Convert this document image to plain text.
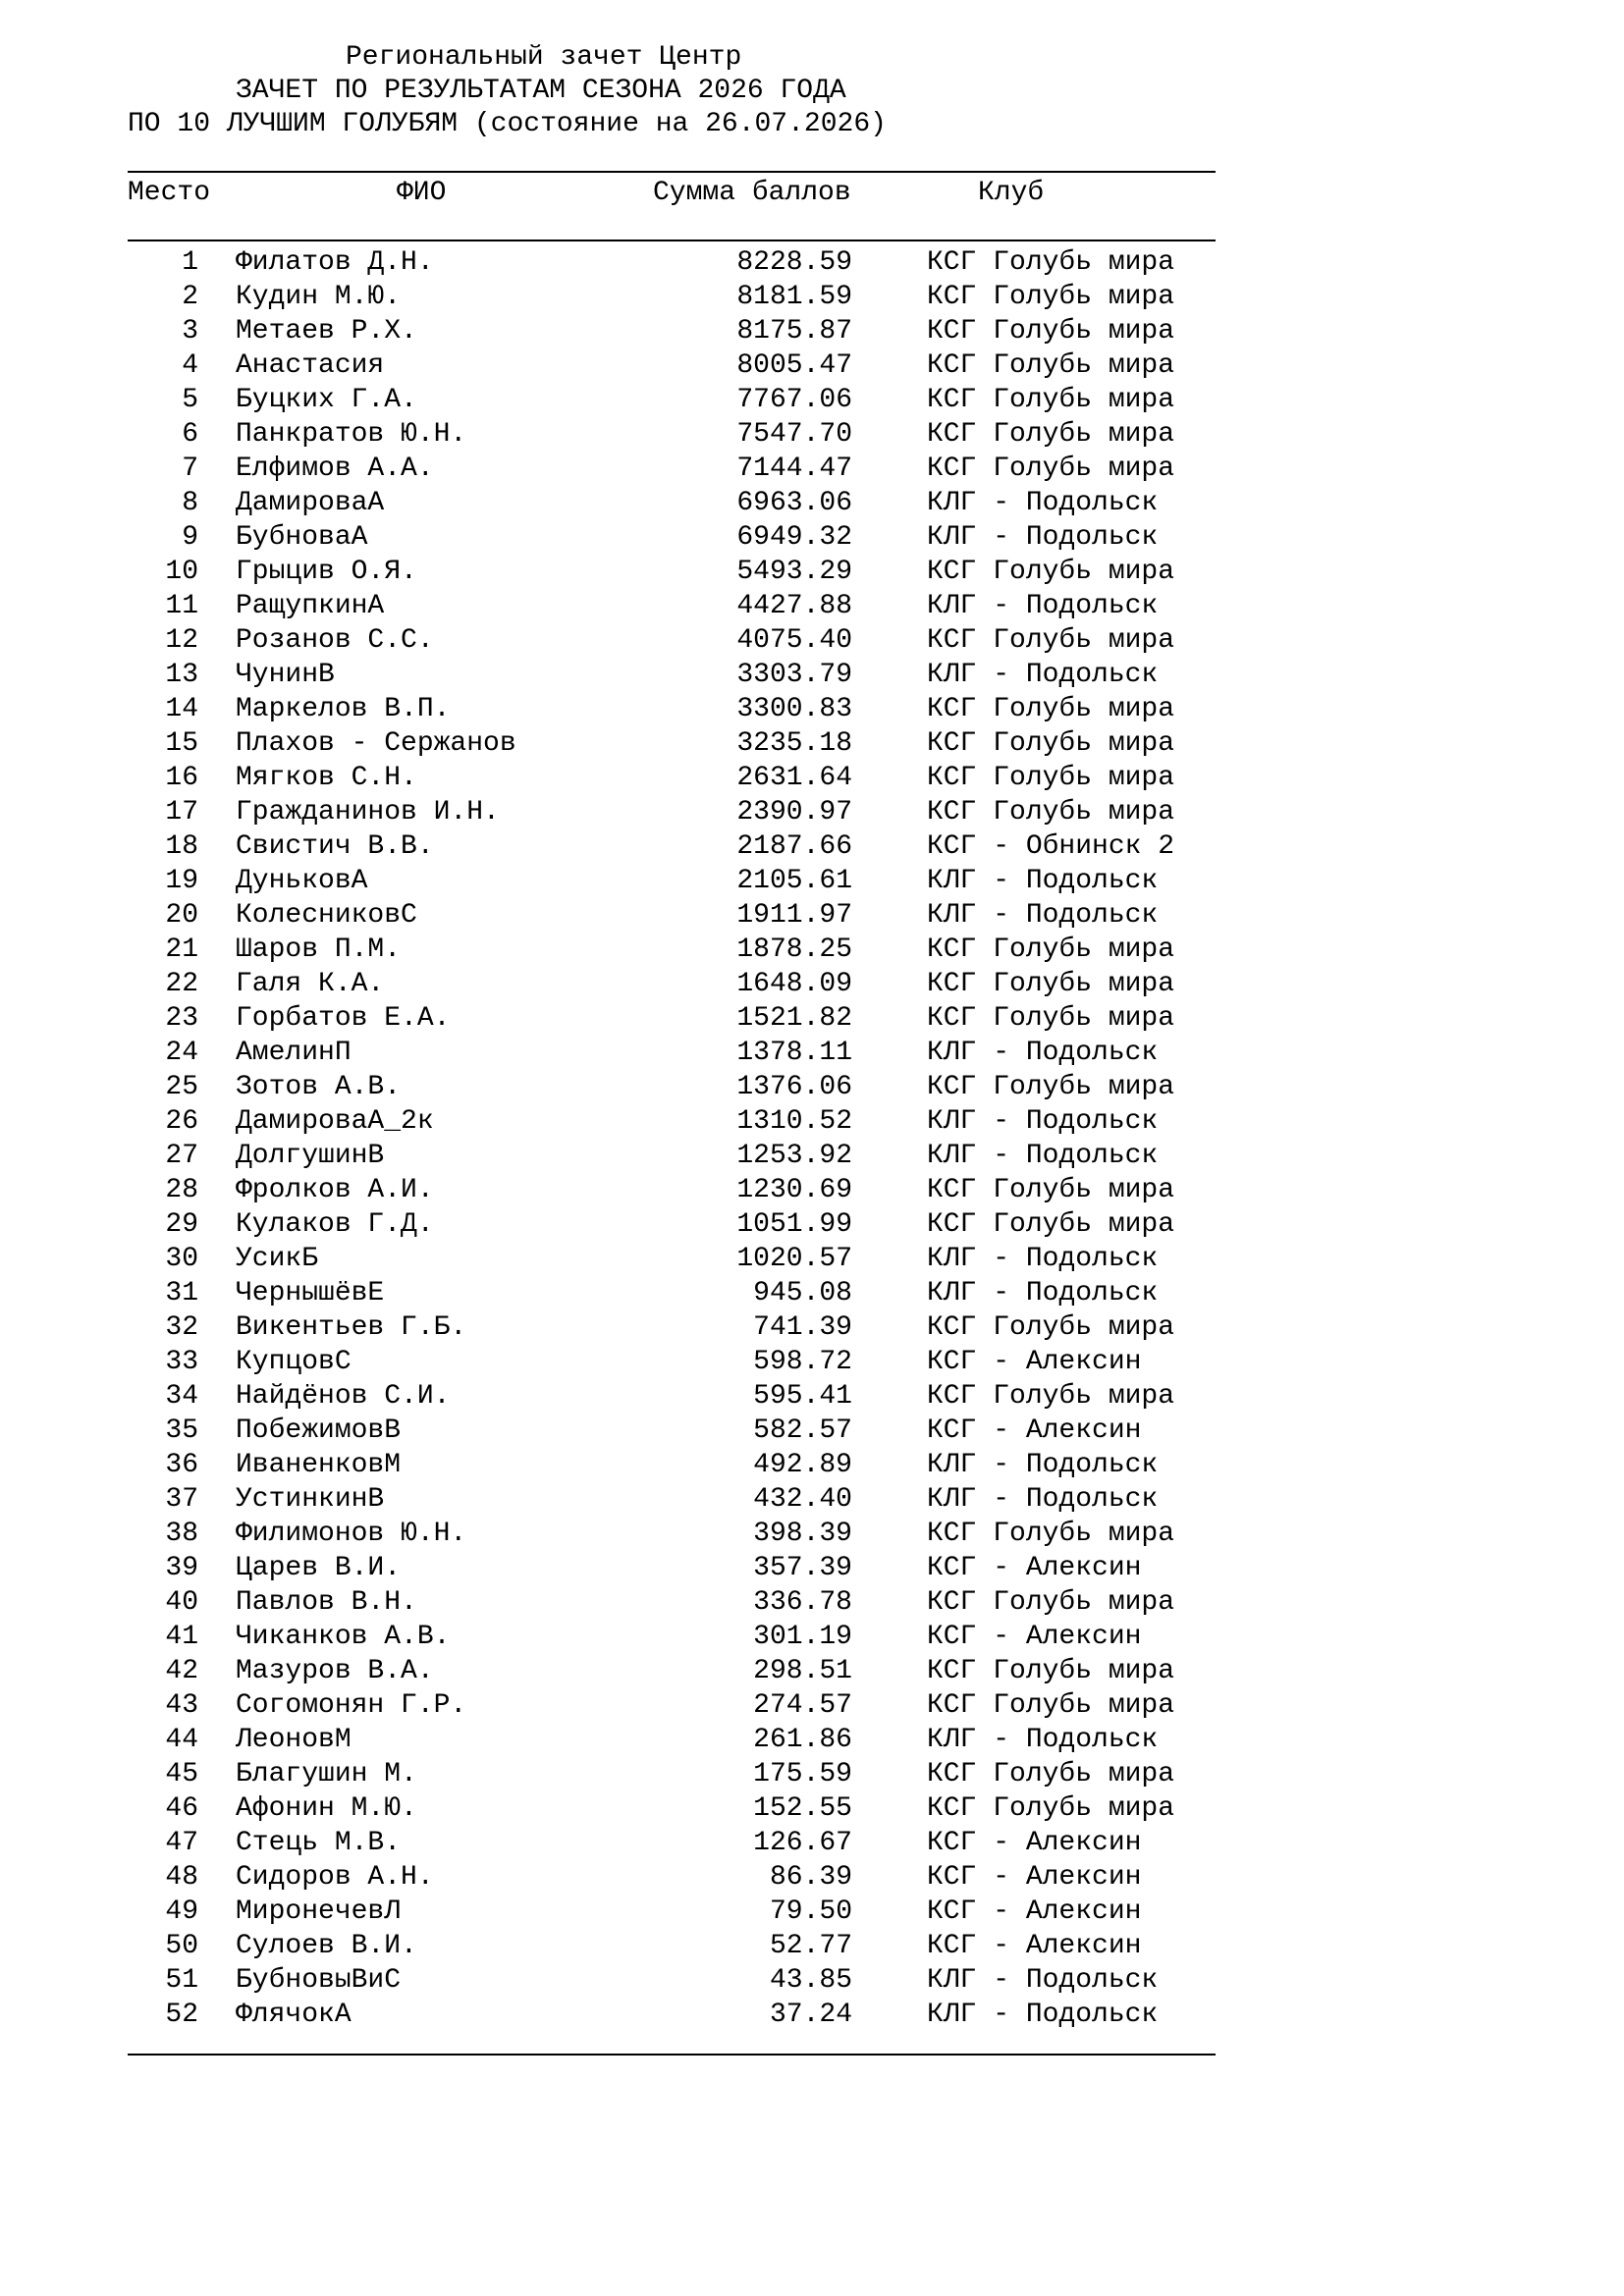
Региональный зачет Центр
ЗАЧЕТ ПО РЕЗУЛЬТАТАМ СЕЗОНА 2026 ГОДА
ПО 10 ЛУЧШИМ ГОЛУБЯМ (состояние на 26.07.2026)
Место	ФИО	Сумма баллов	Клуб
1 Филатов Д.Н.	8228.59	КСГ Голубь мира
2 Кудин М.Ю.	8181.59	КСГ Голубь мира
3 Метаев Р.Х.	8175.87	КСГ Голубь мира
4 Анастасия	8005.47	КСГ Голубь мира
5 Буцких Г.А.	7767.06	КСГ Голубь мира
6 Панкратов Ю.Н.	7547.70	КСГ Голубь мира
7 Елфимов А.А.	7144.47	КСГ Голубь мира
8 ДамироваА	6963.06	КЛГ - Подольск
9 БубноваА	6949.32	КЛГ - Подольск
10 Грыцив О.Я.	5493.29	КСГ Голубь мира
11 РащупкинА	4427.88	КЛГ - Подольск
12 Розанов С.С.	4075.40	КСГ Голубь мира
13 ЧунинВ	3303.79	КЛГ - Подольск
14 Маркелов В.П.	3300.83	КСГ Голубь мира
15 Плахов - Сержанов	3235.18	КСГ Голубь мира
16 Мягков С.Н.	2631.64	КСГ Голубь мира
17 Гражданинов И.Н.	2390.97	КСГ Голубь мира
18 Свистич В.В.	2187.66	КСГ - Обнинск 2
19 ДуньковА	2105.61	КЛГ - Подольск
20 КолесниковС	1911.97	КЛГ - Подольск
21 Шаров П.М.	1878.25	КСГ Голубь мира
22 Галя К.А.	1648.09	КСГ Голубь мира
23 Горбатов Е.А.	1521.82	КСГ Голубь мира
24 АмелинП	1378.11	КЛГ - Подольск
25 Зотов А.В.	1376.06	КСГ Голубь мира
26 ДамироваА_2к	1310.52	КЛГ - Подольск
27 ДолгушинВ	1253.92	КЛГ - Подольск
28 Фролков А.И.	1230.69	КСГ Голубь мира
29 Кулаков Г.Д.	1051.99	КСГ Голубь мира
30 УсикБ	1020.57	КЛГ - Подольск
31 ЧернышёвЕ	945.08	КЛГ - Подольск
32 Викентьев Г.Б.	741.39	КСГ Голубь мира
33 КупцовС	598.72	КСГ - Алексин
34 Найдёнов С.И.	595.41	КСГ Голубь мира
35 ПобежимовВ	582.57	КСГ - Алексин
36 ИваненковМ	492.89	КЛГ - Подольск
37 УстинкинВ	432.40	КЛГ - Подольск
38 Филимонов Ю.Н.	398.39	КСГ Голубь мира
39 Царев В.И.	357.39	КСГ - Алексин
40 Павлов В.Н.	336.78	КСГ Голубь мира
41 Чиканков А.В.	301.19	КСГ - Алексин
42 Мазуров В.А.	298.51	КСГ Голубь мира
43 Согомонян Г.Р.	274.57	КСГ Голубь мира
44 ЛеоновМ	261.86	КЛГ - Подольск
45 Благушин М.	175.59	КСГ Голубь мира
46 Афонин М.Ю.	152.55	КСГ Голубь мира
47 Стець М.В.	126.67	КСГ - Алексин
48 Сидоров А.Н.	86.39	КСГ - Алексин
49 МиронечевЛ	79.50	КСГ - Алексин
50 Сулоев В.И.	52.77	КСГ - Алексин
51 БубновыВиС	43.85	КЛГ - Подольск
52 ФлячокА	37.24	КЛГ - Подольск
